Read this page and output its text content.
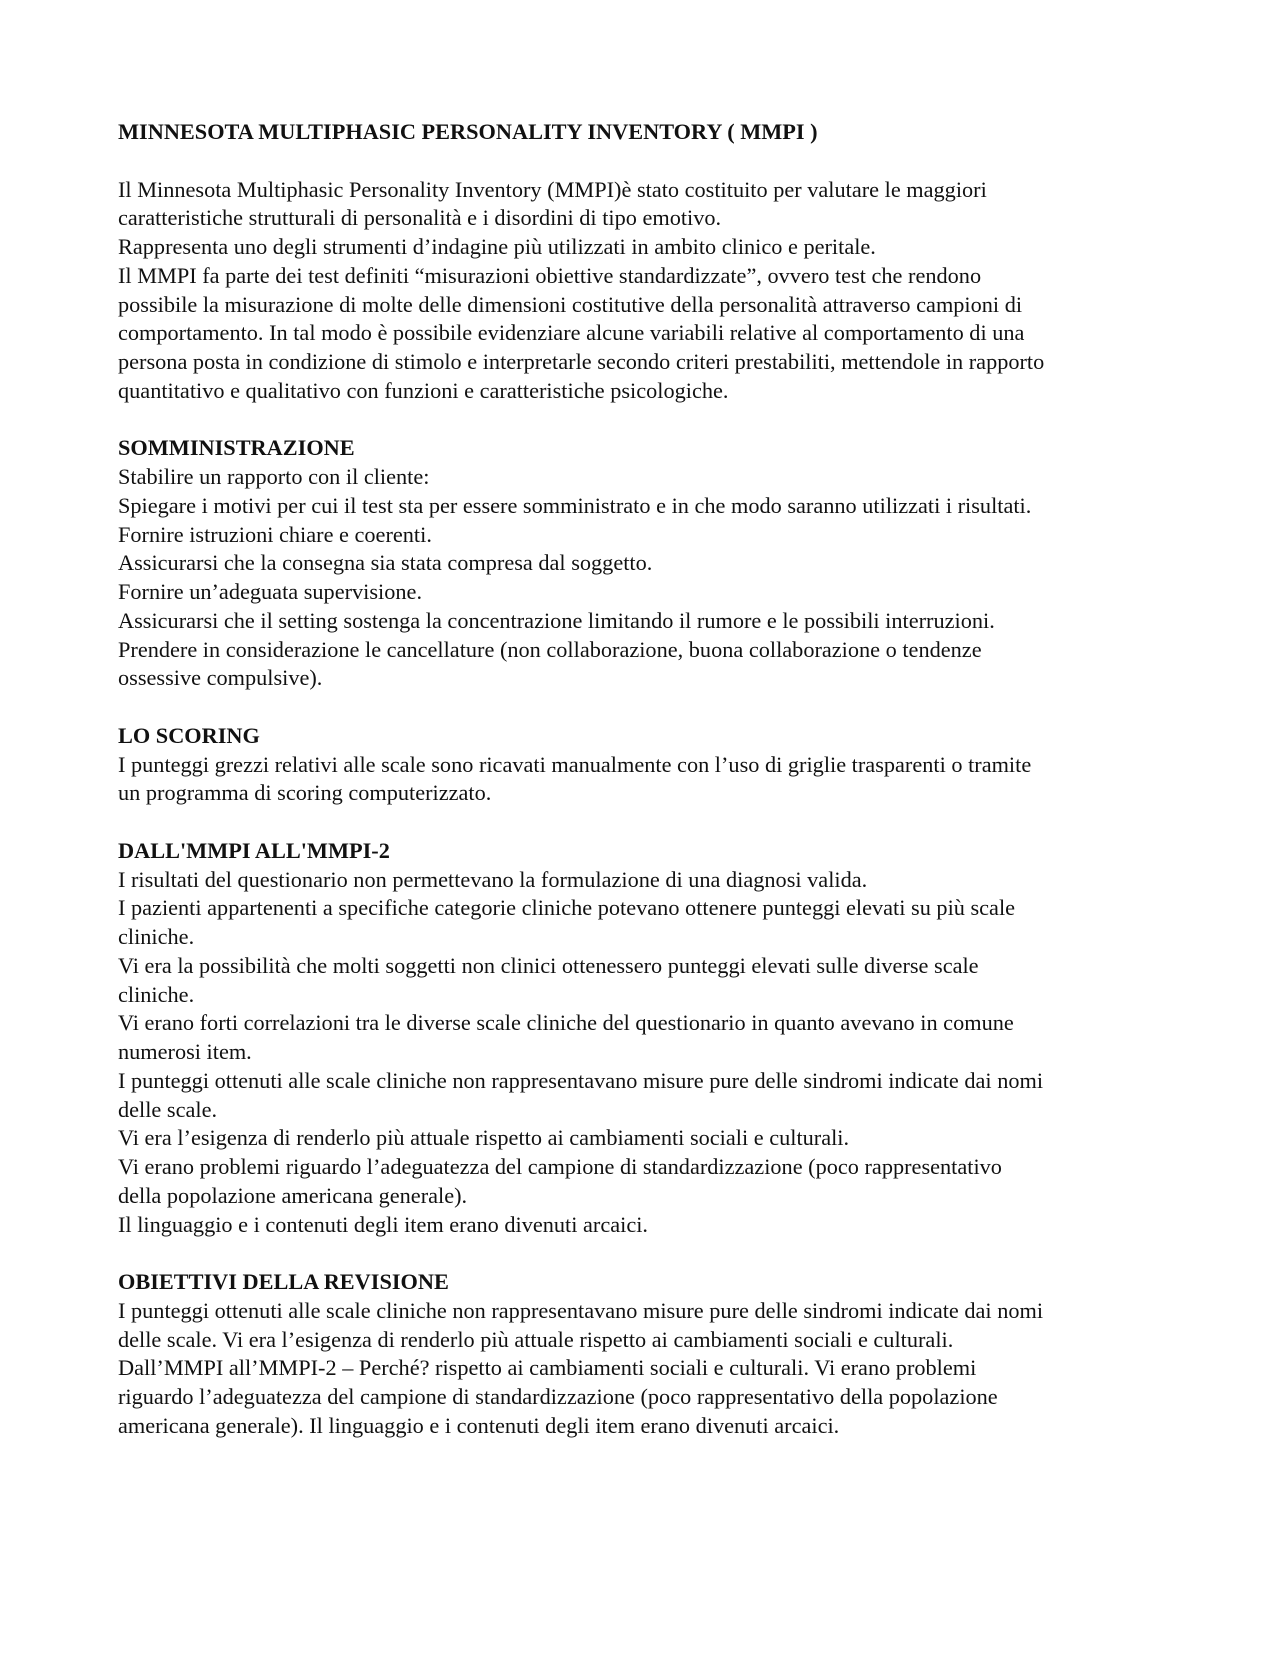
MINNESOTA MULTIPHASIC PERSONALITY INVENTORY ( MMPI )
Il Minnesota Multiphasic Personality Inventory (MMPI)è stato costituito per valutare le maggiori
caratteristiche strutturali di personalità e i disordini di tipo emotivo.
Rappresenta uno degli strumenti d’indagine più utilizzati in ambito clinico e peritale.
Il MMPI fa parte dei test definiti “misurazioni obiettive standardizzate”, ovvero test che rendono
possibile la misurazione di molte delle dimensioni costitutive della personalità attraverso campioni di
comportamento. In tal modo è possibile evidenziare alcune variabili relative al comportamento di una
persona posta in condizione di stimolo e interpretarle secondo criteri prestabiliti, mettendole in rapporto
quantitativo e qualitativo con funzioni e caratteristiche psicologiche.
SOMMINISTRAZIONE
Stabilire un rapporto con il cliente:
Spiegare i motivi per cui il test sta per essere somministrato e in che modo saranno utilizzati i risultati.
Fornire istruzioni chiare e coerenti.
Assicurarsi che la consegna sia stata compresa dal soggetto.
Fornire un’adeguata supervisione.
Assicurarsi che il setting sostenga la concentrazione limitando il rumore e le possibili interruzioni.
Prendere in considerazione le cancellature (non collaborazione, buona collaborazione o tendenze
ossessive compulsive).
LO SCORING
I punteggi grezzi relativi alle scale sono ricavati manualmente con l’uso di griglie trasparenti o tramite
un programma di scoring computerizzato.
DALL'MMPI ALL'MMPI-2
I risultati del questionario non permettevano la formulazione di una diagnosi valida.
I pazienti appartenenti a specifiche categorie cliniche potevano ottenere punteggi elevati su più scale
cliniche.
Vi era la possibilità che molti soggetti non clinici ottenessero punteggi elevati sulle diverse scale
cliniche.
Vi erano forti correlazioni tra le diverse scale cliniche del questionario in quanto avevano in comune
numerosi item.
I punteggi ottenuti alle scale cliniche non rappresentavano misure pure delle sindromi indicate dai nomi
delle scale.
Vi era l’esigenza di renderlo più attuale rispetto ai cambiamenti sociali e culturali.
Vi erano problemi riguardo l’adeguatezza del campione di standardizzazione (poco rappresentativo
della popolazione americana generale).
Il linguaggio e i contenuti degli item erano divenuti arcaici.
OBIETTIVI DELLA REVISIONE
I punteggi ottenuti alle scale cliniche non rappresentavano misure pure delle sindromi indicate dai nomi
delle scale. Vi era l’esigenza di renderlo più attuale rispetto ai cambiamenti sociali e culturali.
Dall’MMPI all’MMPI-2 – Perché? rispetto ai cambiamenti sociali e culturali. Vi erano problemi
riguardo l’adeguatezza del campione di standardizzazione (poco rappresentativo della popolazione
americana generale). Il linguaggio e i contenuti degli item erano divenuti arcaici.
